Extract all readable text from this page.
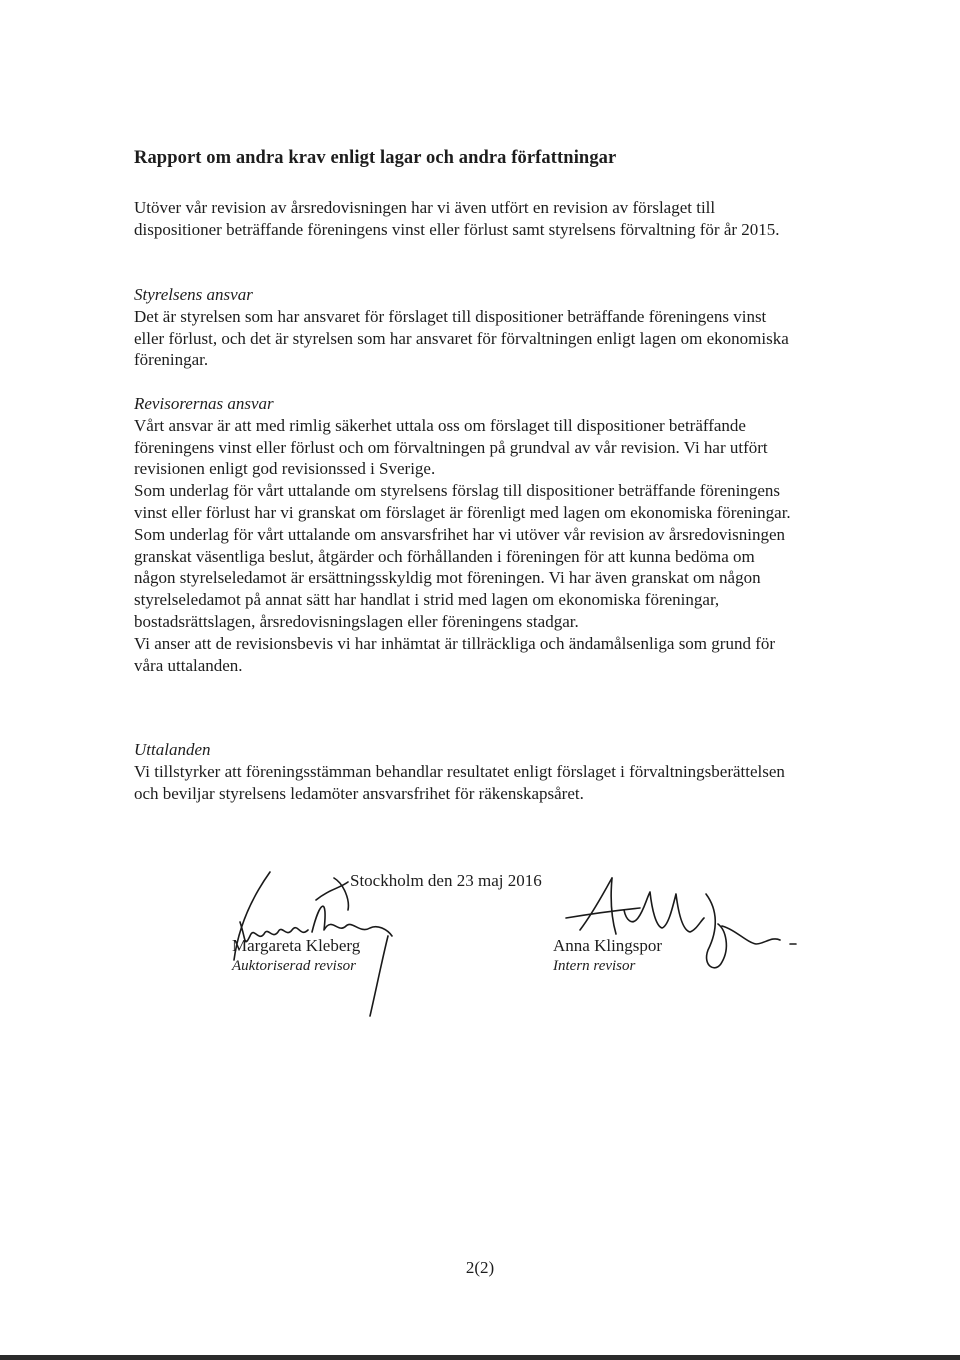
Rapport om andra krav enligt lagar och andra författningar

Utöver vår revision av årsredovisningen har vi även utfört en revision av förslaget till dispositioner beträffande föreningens vinst eller förlust samt styrelsens förvaltning för år 2015.

Styrelsens ansvar

Det är styrelsen som har ansvaret för förslaget till dispositioner beträffande föreningens vinst eller förlust, och det är styrelsen som har ansvaret för förvaltningen enligt lagen om ekonomiska föreningar.

Revisorernas ansvar

Vårt ansvar är att med rimlig säkerhet uttala oss om förslaget till dispositioner beträffande föreningens vinst eller förlust och om förvaltningen på grundval av vår revision. Vi har utfört revisionen enligt god revisionssed i Sverige.

Som underlag för vårt uttalande om styrelsens förslag till dispositioner beträffande föreningens vinst eller förlust har vi granskat om förslaget är förenligt med lagen om ekonomiska föreningar.

Som underlag för vårt uttalande om ansvarsfrihet har vi utöver vår revision av årsredovisningen granskat väsentliga beslut, åtgärder och förhållanden i föreningen för att kunna bedöma om någon styrelseledamot är ersättningsskyldig mot föreningen. Vi har även granskat om någon styrelseledamot på annat sätt har handlat i strid med lagen om ekonomiska föreningar, bostadsrättslagen, årsredovisningslagen eller föreningens stadgar.

Vi anser att de revisionsbevis vi har inhämtat är tillräckliga och ändamålsenliga som grund för våra uttalanden.

Uttalanden

Vi tillstyrker att föreningsstämman behandlar resultatet enligt förslaget i förvaltningsberättelsen och beviljar styrelsens ledamöter ansvarsfrihet för räkenskapsåret.

Stockholm den 23 maj 2016

Margareta Kleberg
Auktoriserad revisor
Anna Klingspor
Intern revisor

2(2)
